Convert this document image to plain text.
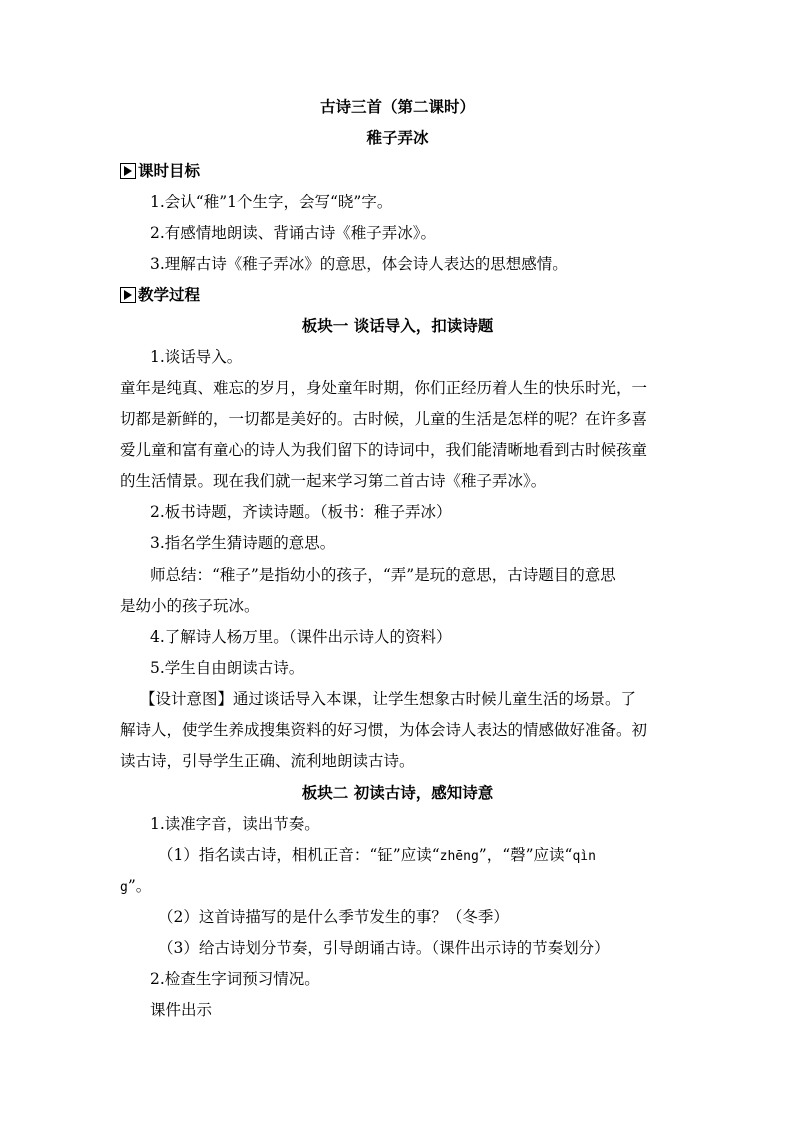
古诗三首（第二课时）
稚子弄冰
课时目标
1.会认“稚”1个生字，会写“晓”字。
2.有感情地朗读、背诵古诗《稚子弄冰》。
3.理解古诗《稚子弄冰》的意思，体会诗人表达的思想感情。
教学过程
板块一 谈话导入，扣读诗题
1.谈话导入。
童年是纯真、难忘的岁月，身处童年时期，你们正经历着人生的快乐时光，一
切都是新鲜的，一切都是美好的。古时候，儿童的生活是怎样的呢？在许多喜
爱儿童和富有童心的诗人为我们留下的诗词中，我们能清晰地看到古时候孩童
的生活情景。现在我们就一起来学习第二首古诗《稚子弄冰》。
2.板书诗题，齐读诗题。（板书：稚子弄冰）
3.指名学生猜诗题的意思。
师总结：“稚子”是指幼小的孩子，“弄”是玩的意思，古诗题目的意思
是幼小的孩子玩冰。
4.了解诗人杨万里。（课件出示诗人的资料）
5.学生自由朗读古诗。
【设计意图】通过谈话导入本课，让学生想象古时候儿童生活的场景。了
解诗人，使学生养成搜集资料的好习惯，为体会诗人表达的情感做好准备。初
读古诗，引导学生正确、流利地朗读古诗。
板块二 初读古诗，感知诗意
1.读准字音，读出节奏。
（1）指名读古诗，相机正音：“钲”应读“zhēng”，“磬”应读“qìn
g”。
（2）这首诗描写的是什么季节发生的事？（冬季）
（3）给古诗划分节奏，引导朗诵古诗。（课件出示诗的节奏划分）
2.检查生字词预习情况。
课件出示
